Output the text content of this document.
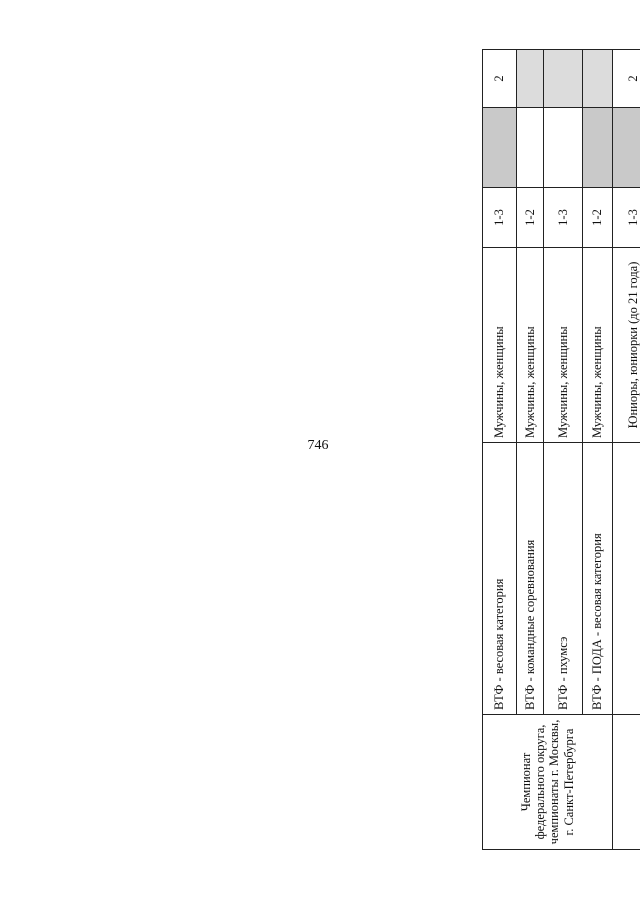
746
Чемпионат федерального округа, чемпионаты г. Москвы, г. Санкт-Петербурга	ВТФ - весовая категория	Мужчины, женщины	1-3		2	
	ВТФ - командные соревнования	Мужчины, женщины	1-2			
	ВТФ - пхумсэ	Мужчины, женщины	1-3			
	ВТФ - ПОДА - весовая категория	Мужчины, женщины	1-2			
		Юниоры, юниорки (до 21 года)	1-3		2	
